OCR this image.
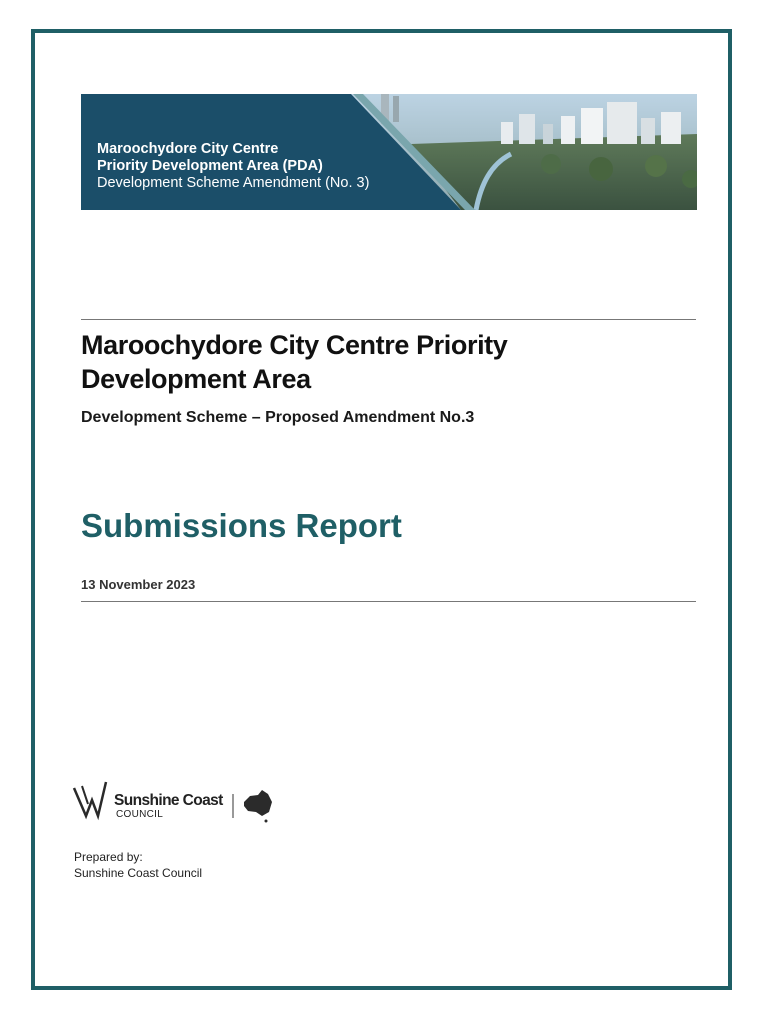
Maroochydore City Centre
Priority Development Area (PDA)
Development Scheme Amendment (No. 3)
Maroochydore City Centre Priority Development Area
Development Scheme – Proposed Amendment No.3
Submissions Report
13 November 2023
Sunshine Coast
COUNCIL
Prepared by:
Sunshine Coast Council
